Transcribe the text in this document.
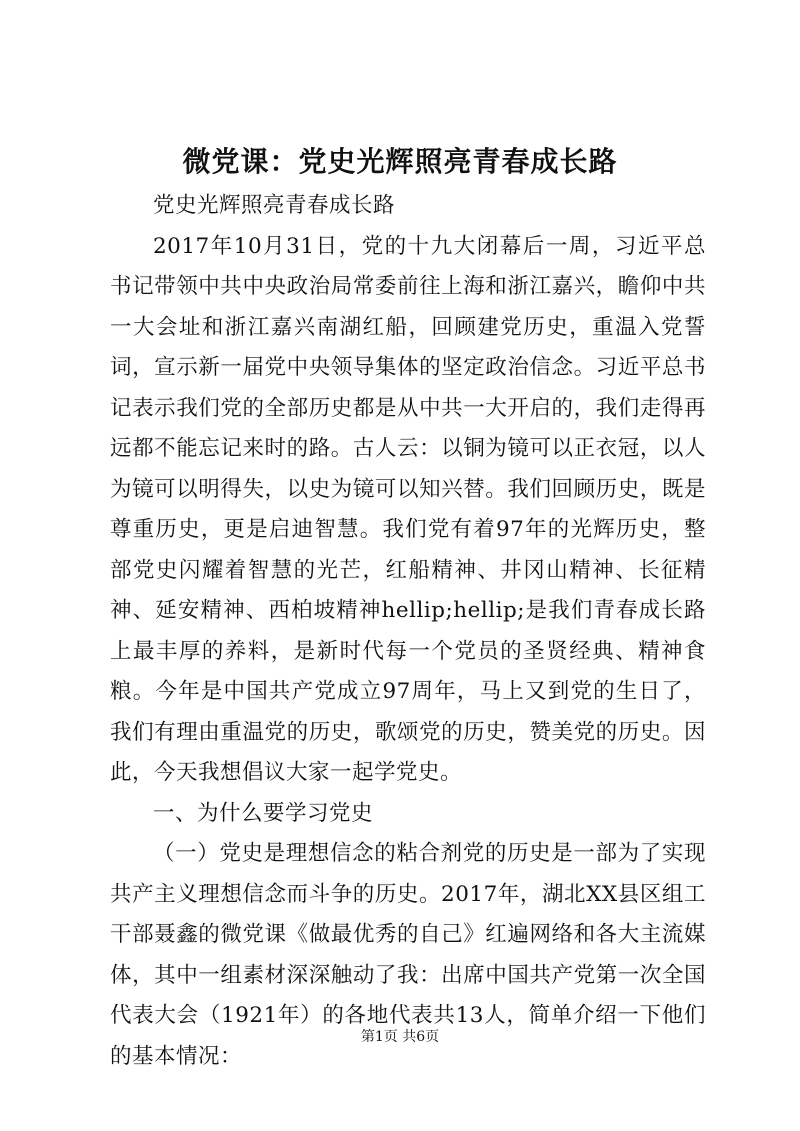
微党课：党史光辉照亮青春成长路

党史光辉照亮青春成长路

2017年10月31日，党的十九大闭幕后一周，习近平总书记带领中共中央政治局常委前往上海和浙江嘉兴，瞻仰中共一大会址和浙江嘉兴南湖红船，回顾建党历史，重温入党誓词，宣示新一届党中央领导集体的坚定政治信念。习近平总书记表示我们党的全部历史都是从中共一大开启的，我们走得再远都不能忘记来时的路。古人云：以铜为镜可以正衣冠，以人为镜可以明得失，以史为镜可以知兴替。我们回顾历史，既是尊重历史，更是启迪智慧。我们党有着97年的光辉历史，整部党史闪耀着智慧的光芒，红船精神、井冈山精神、长征精神、延安精神、西柏坡精神hellip;hellip;是我们青春成长路上最丰厚的养料，是新时代每一个党员的圣贤经典、精神食粮。今年是中国共产党成立97周年，马上又到党的生日了，我们有理由重温党的历史，歌颂党的历史，赞美党的历史。因此，今天我想倡议大家一起学党史。

一、为什么要学习党史

（一）党史是理想信念的粘合剂党的历史是一部为了实现共产主义理想信念而斗争的历史。2017年，湖北XX县区组工干部聂鑫的微党课《做最优秀的自己》红遍网络和各大主流媒体，其中一组素材深深触动了我：出席中国共产党第一次全国代表大会（1921年）的各地代表共13人，简单介绍一下他们的基本情况：

第1页 共6页
